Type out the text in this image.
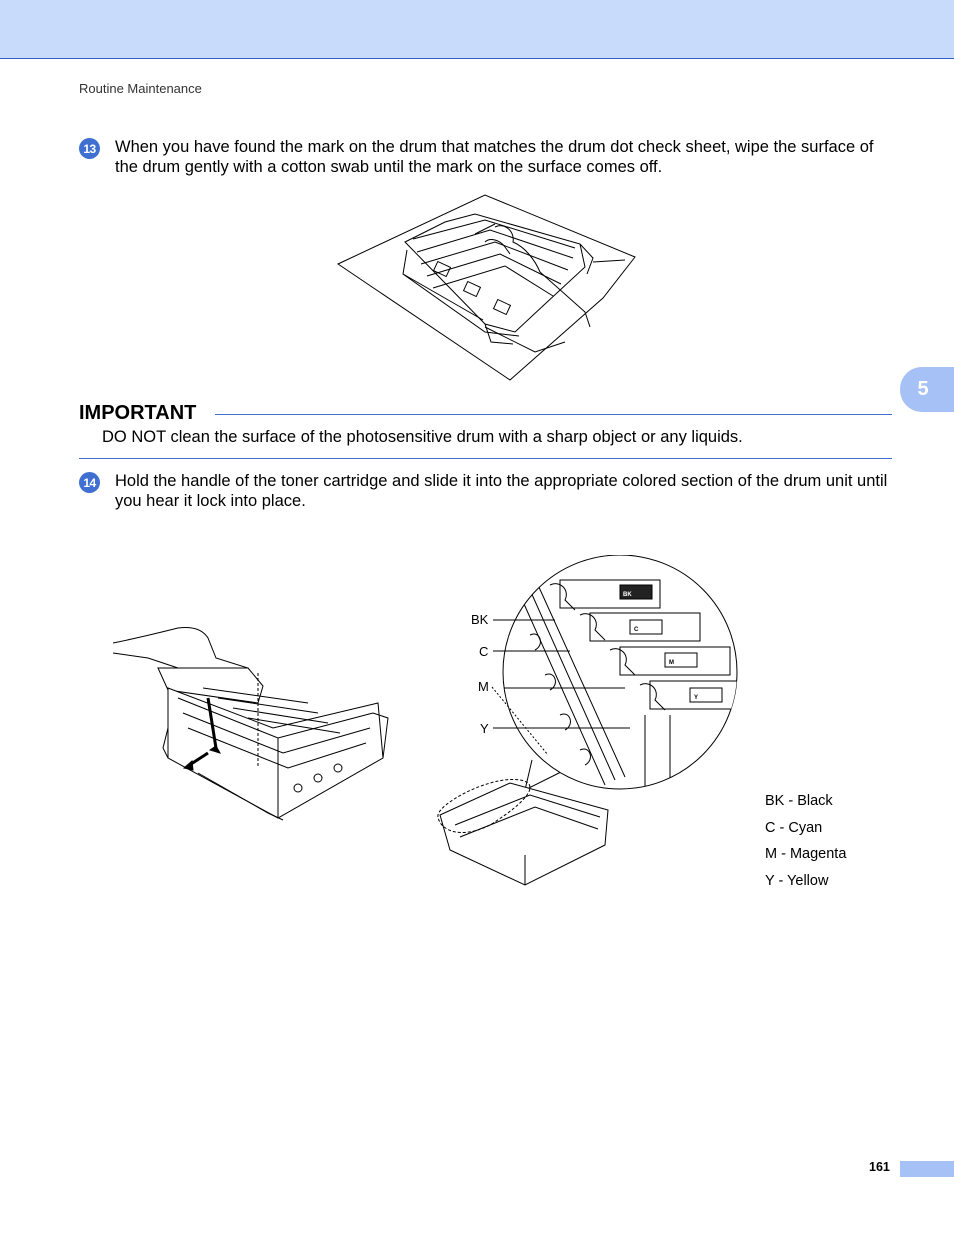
Routine Maintenance
5
13 When you have found the mark on the drum that matches the drum dot check sheet, wipe the surface of the drum gently with a cotton swab until the mark on the surface comes off.
IMPORTANT
DO NOT clean the surface of the photosensitive drum with a sharp object or any liquids.
14 Hold the handle of the toner cartridge and slide it into the appropriate colored section of the drum unit until you hear it lock into place.
BK
C
M
Y
BK
C
M
Y
BK - Black
C - Cyan
M - Magenta
Y - Yellow
161
